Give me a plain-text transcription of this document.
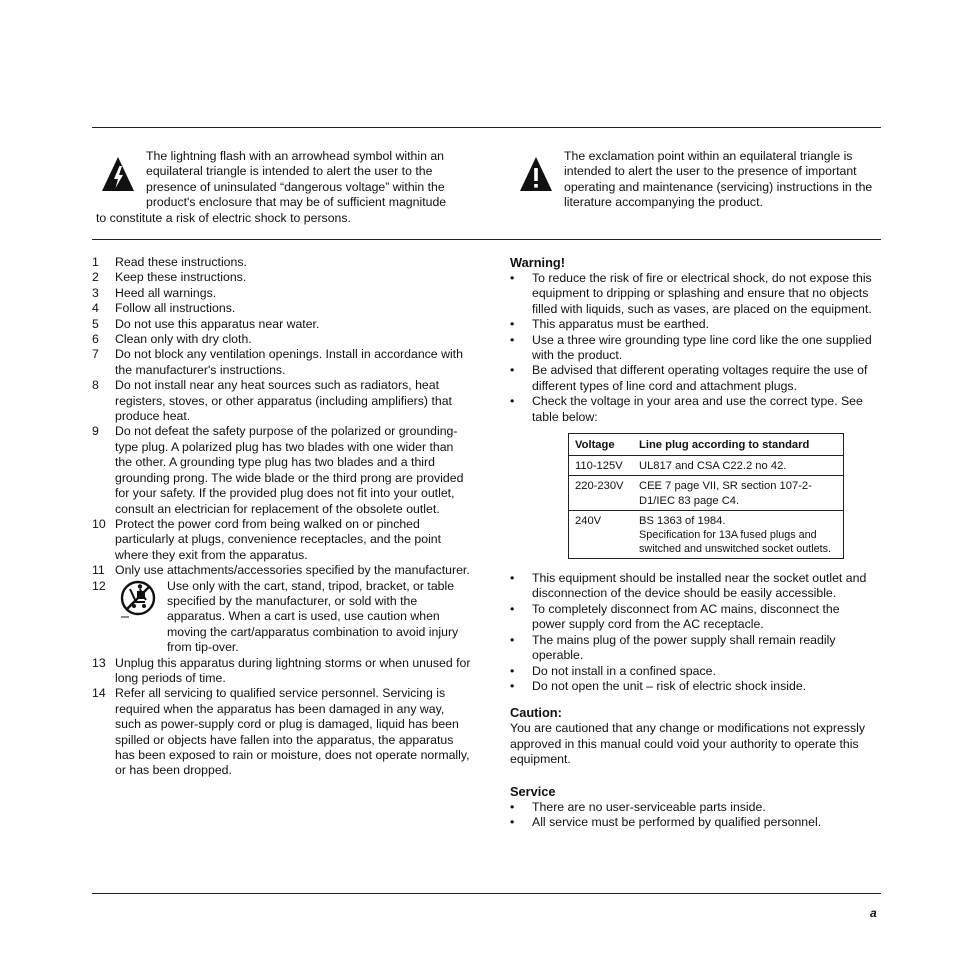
The lightning flash with an arrowhead symbol within an equilateral triangle is intended to alert the user to the presence of uninsulated “dangerous voltage” within the product's enclosure that may be of sufficient magnitude to constitute a risk of electric shock to persons.

The exclamation point within an equilateral triangle is intended to alert the user to the presence of important operating and maintenance (servicing) instructions in the literature accompanying the product.

1	Read these instructions.
2	Keep these instructions.
3	Heed all warnings.
4	Follow all instructions.
5	Do not use this apparatus near water.
6	Clean only with dry cloth.
7	Do not block any ventilation openings. Install in accordance with the manufacturer's instructions.
8	Do not install near any heat sources such as radiators, heat registers, stoves, or other apparatus (including amplifiers) that produce heat.
9	Do not defeat the safety purpose of the polarized or grounding-type plug. A polarized plug has two blades with one wider than the other. A grounding type plug has two blades and a third grounding prong. The wide blade or the third prong are provided for your safety. If the provided plug does not fit into your outlet, consult an electrician for replacement of the obsolete outlet.
10 Protect the power cord from being walked on or pinched particularly at plugs, convenience receptacles, and the point where they exit from the apparatus.
11 Only use attachments/accessories specified by the manufacturer.
12	Use only with the cart, stand, tripod, bracket, or table specified by the manufacturer, or sold with the apparatus. When a cart is used, use caution when moving the cart/apparatus combination to avoid injury from tip-over.
13 Unplug this apparatus during lightning storms or when unused for long periods of time.
14 Refer all servicing to qualified service personnel. Servicing is required when the apparatus has been damaged in any way, such as power-supply cord or plug is damaged, liquid has been spilled or objects have fallen into the apparatus, the apparatus has been exposed to rain or moisture, does not operate normally, or has been dropped.
Warning!
•	To reduce the risk of fire or electrical shock, do not expose this equipment to dripping or splashing and ensure that no objects filled with liquids, such as vases, are placed on the equipment.
•	This apparatus must be earthed.
•	Use a three wire grounding type line cord like the one supplied with the product.
•	Be advised that different operating voltages require the use of different types of line cord and attachment plugs.
•	Check the voltage in your area and use the correct type. See table below:
Voltage	Line plug according to standard
110-125V	UL817 and CSA C22.2 no 42.
220-230V	CEE 7 page VII, SR section 107-2-D1/IEC 83 page C4.
240V	BS 1363 of 1984.
Specification for 13A fused plugs and switched and unswitched socket outlets.
•	This equipment should be installed near the socket outlet and disconnection of the device should be easily accessible.
•	To completely disconnect from AC mains, disconnect the power supply cord from the AC receptacle.
•	The mains plug of the power supply shall remain readily operable.
•	Do not install in a confined space.
•	Do not open the unit – risk of electric shock inside.
Caution:

You are cautioned that any change or modifications not expressly approved in this manual could void your authority to operate this equipment.

Service
•	There are no user-serviceable parts inside.
•	All service must be performed by qualified personnel.
a
